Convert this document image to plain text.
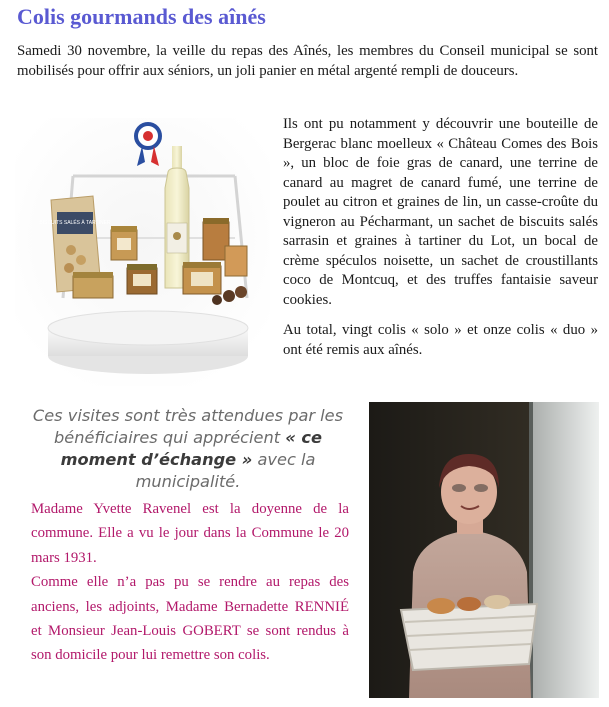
Colis gourmands des aînés

Samedi 30 novembre, la veille du repas des Aînés, les membres du Conseil municipal se sont mobilisés pour offrir aux séniors, un joli panier en métal argenté rempli de douceurs.

BISCUITS SALÉS À TARTINER

Ils ont pu notamment y découvrir une bouteille de Bergerac blanc moelleux « Château Comes des Bois », un bloc de foie gras de canard, une terrine de canard au magret de canard fumé, une terrine de poulet au citron et graines de lin, un casse-croûte du vigneron au Pécharmant, un sachet de biscuits salés sarrasin et graines à tartiner du Lot, un bocal de crème spéculos noisette, un sachet de croustillants coco de Montcuq, et des truffes fantaisie saveur cookies.

Au total, vingt colis « solo » et onze colis « duo » ont été remis aux aînés.

Ces visites sont très attendues par les bénéficiaires qui apprécient « ce moment d’échange » avec la municipalité.

Madame Yvette Ravenel est la doyenne de la commune. Elle a vu le jour dans la Commune le 20 mars 1931.

Comme elle n’a pas pu se rendre au repas des anciens, les adjoints, Madame Bernadette RENNIÉ et Monsieur Jean-Louis GOBERT se sont rendus à son domicile pour lui remettre son colis.
